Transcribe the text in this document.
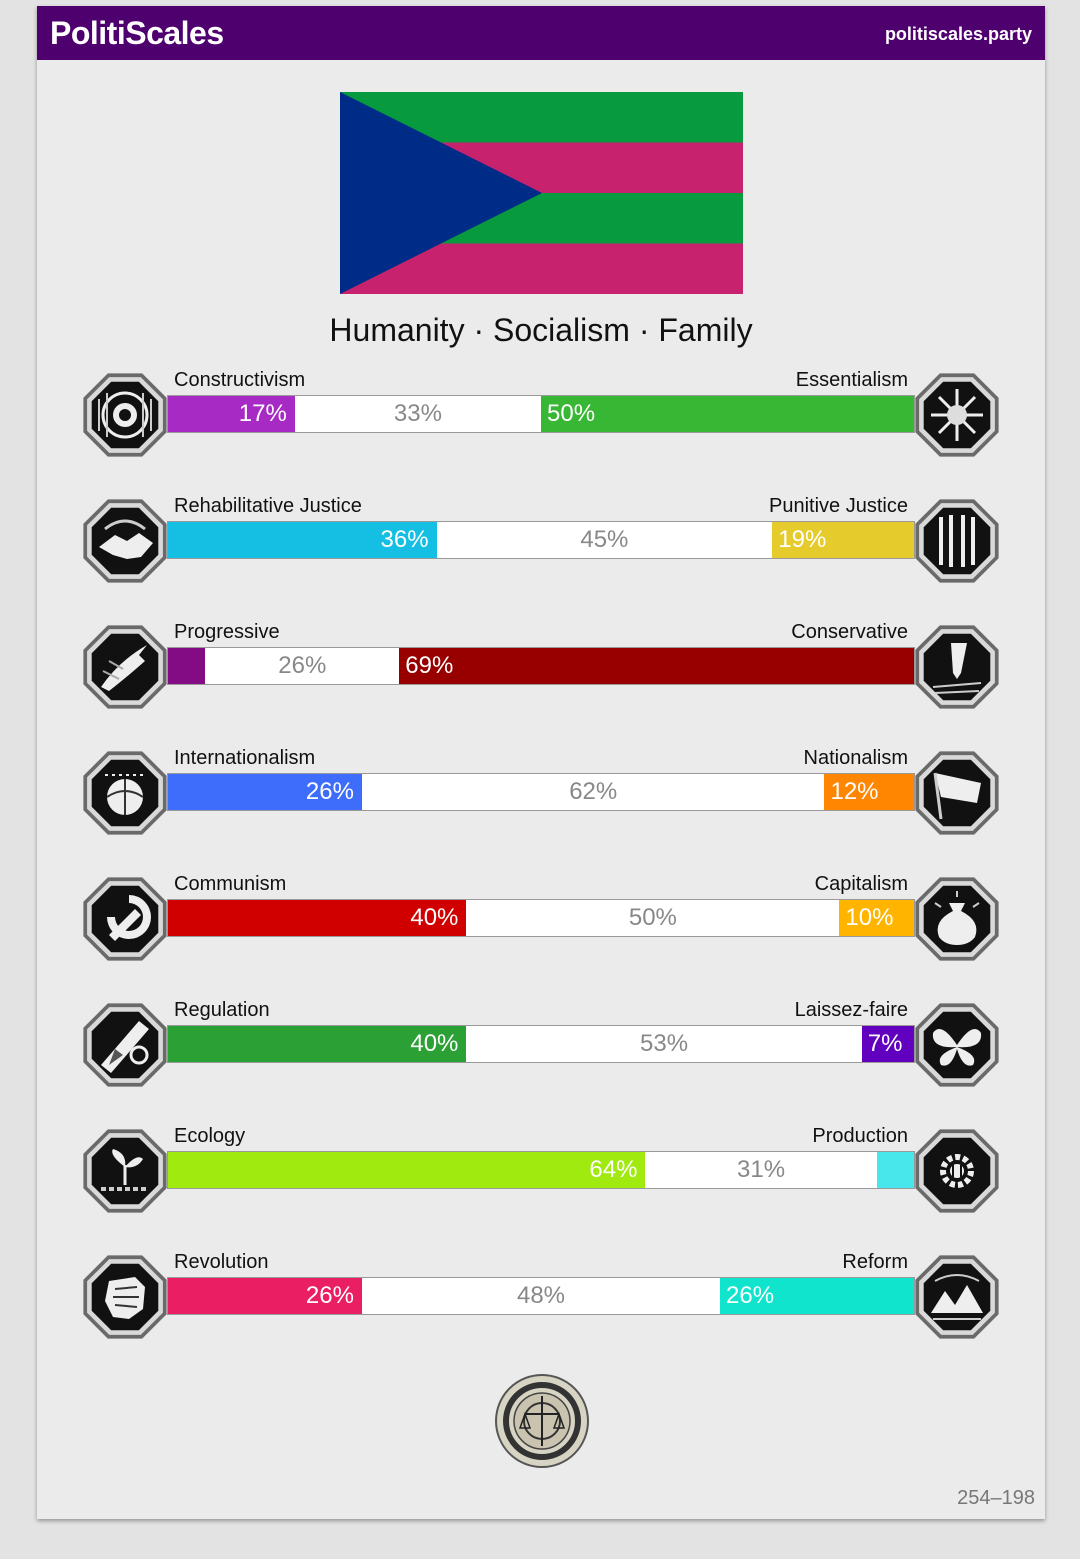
PolitiScales	politiscales.party
Humanity · Socialism · Family
Constructivism	Essentialism
17%	33%	50%
Rehabilitative Justice	Punitive Justice
36%	45%	19%
Progressive	Conservative
26%	69%
Internationalism	Nationalism
26%	62%	12%
Communism	Capitalism
40%	50%	10%
Regulation	Laissez-faire
40%	53%	7%
Ecology	Production
64%	31%
Revolution	Reform
26%	48%	26%
254–198
